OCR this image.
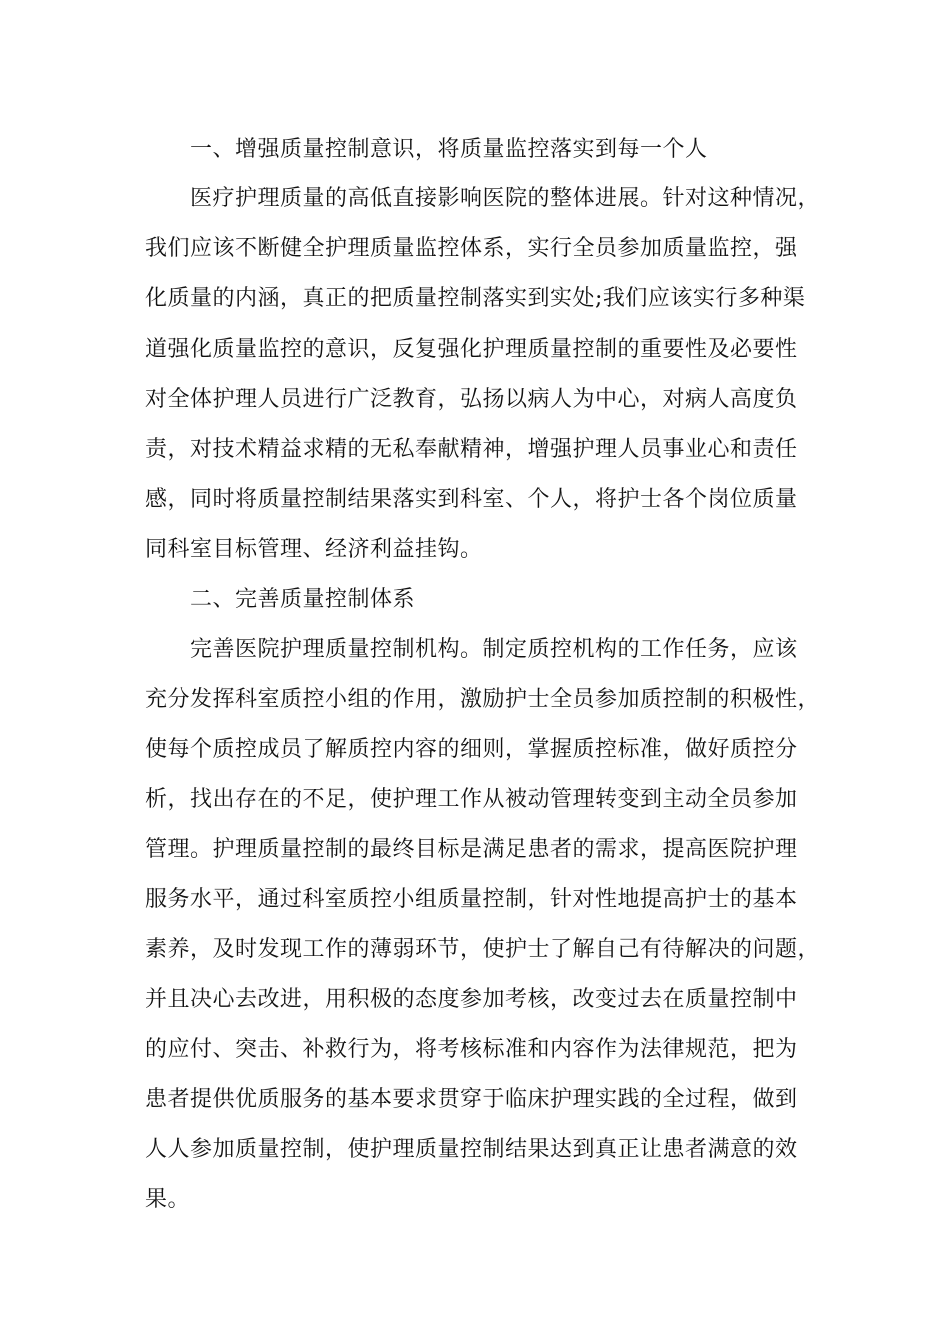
一、增强质量控制意识，将质量监控落实到每一个人
医疗护理质量的高低直接影响医院的整体进展。针对这种情况，
我们应该不断健全护理质量监控体系，实行全员参加质量监控，强
化质量的内涵，真正的把质量控制落实到实处;我们应该实行多种渠
道强化质量监控的意识，反复强化护理质量控制的重要性及必要性
对全体护理人员进行广泛教育，弘扬以病人为中心，对病人高度负
责，对技术精益求精的无私奉献精神，增强护理人员事业心和责任
感，同时将质量控制结果落实到科室、个人，将护士各个岗位质量
同科室目标管理、经济利益挂钩。
二、完善质量控制体系
完善医院护理质量控制机构。制定质控机构的工作任务，应该
充分发挥科室质控小组的作用，激励护士全员参加质控制的积极性，
使每个质控成员了解质控内容的细则，掌握质控标准，做好质控分
析，找出存在的不足，使护理工作从被动管理转变到主动全员参加
管理。护理质量控制的最终目标是满足患者的需求，提高医院护理
服务水平，通过科室质控小组质量控制，针对性地提高护士的基本
素养，及时发现工作的薄弱环节，使护士了解自己有待解决的问题，
并且决心去改进，用积极的态度参加考核，改变过去在质量控制中
的应付、突击、补救行为，将考核标准和内容作为法律规范，把为
患者提供优质服务的基本要求贯穿于临床护理实践的全过程，做到
人人参加质量控制，使护理质量控制结果达到真正让患者满意的效
果。
